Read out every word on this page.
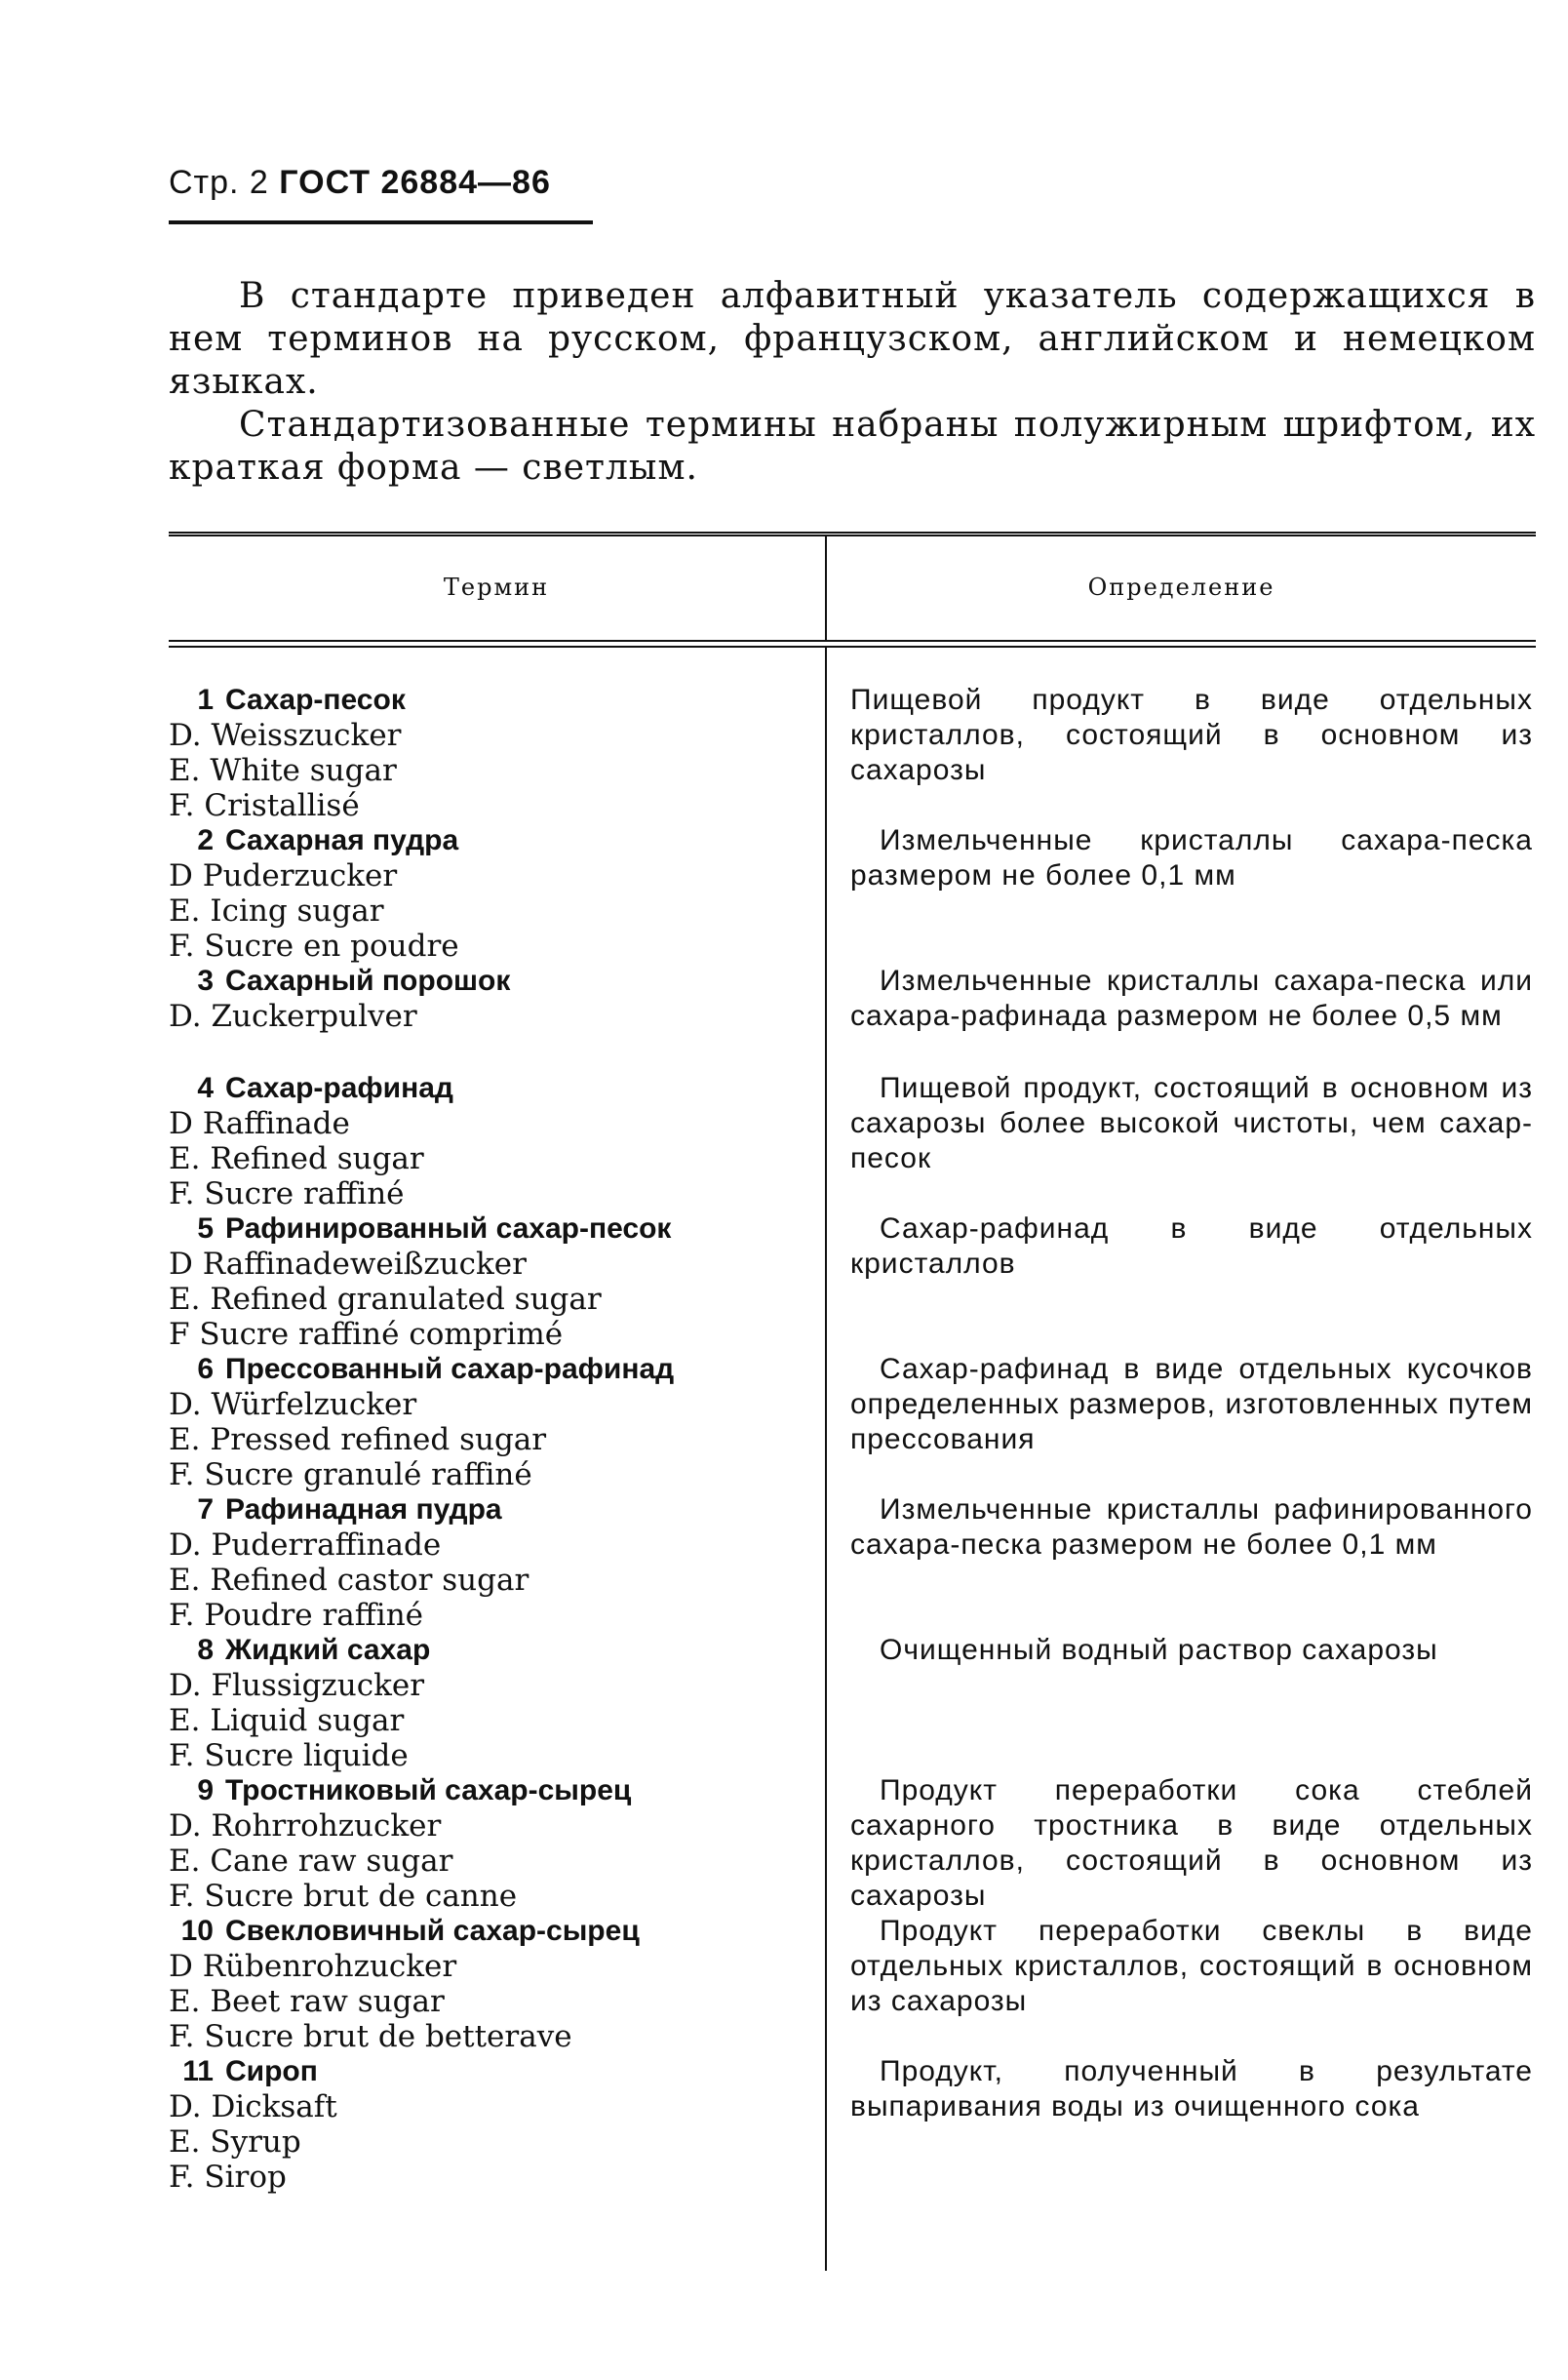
Стр. 2 ГОСТ 26884—86

В стандарте приведен алфавитный указатель содержащихся в нем терминов на русском, французском, английском и немецком языках.

Стандартизованные термины набраны полужирным шрифтом, их краткая форма — светлым.

Термин	Определение
1 Сахар-песок
D. Weisszucker
E. White sugar
F. Cristallisé

Пищевой продукт в виде отдельных кристаллов, состоящий в основном из сахарозы

2 Сахарная пудра
D Puderzucker
E. Icing sugar
F. Sucre en poudre

Измельченные кристаллы сахара-песка размером не более 0,1 мм

3 Сахарный порошок
D. Zuckerpulver

Измельченные кристаллы сахара-песка или сахара-рафинада размером не более 0,5 мм

4 Сахар-рафинад
D Raffinade
E. Refined sugar
F. Sucre raffiné

Пищевой продукт, состоящий в основном из сахарозы более высокой чистоты, чем сахар-песок

5 Рафинированный сахар-песок
D Raffinadeweißzucker
E. Refined granulated sugar
F Sucre raffiné comprimé

Сахар-рафинад в виде отдельных кристаллов

6 Прессованный сахар-рафинад
D. Würfelzucker
E. Pressed refined sugar
F. Sucre granulé raffiné

Сахар-рафинад в виде отдельных кусочков определенных размеров, изготовленных путем прессования

7 Рафинадная пудра
D. Puderraffinade
E. Refined castor sugar
F. Poudre raffiné

Измельченные кристаллы рафинированного сахара-песка размером не более 0,1 мм

8 Жидкий сахар
D. Flussigzucker
E. Liquid sugar
F. Sucre liquide

Очищенный водный раствор сахарозы

9 Тростниковый сахар-сырец
D. Rohrrohzucker
E. Cane raw sugar
F. Sucre brut de canne

Продукт переработки сока стеблей сахарного тростника в виде отдельных кристаллов, состоящий в основном из сахарозы

10 Свекловичный сахар-сырец
D Rübenrohzucker
E. Beet raw sugar
F. Sucre brut de betterave

Продукт переработки свеклы в виде отдельных кристаллов, состоящий в основном из сахарозы

11 Сироп
D. Dicksaft
E. Syrup
F. Sirop

Продукт, полученный в результате выпаривания воды из очищенного сока
